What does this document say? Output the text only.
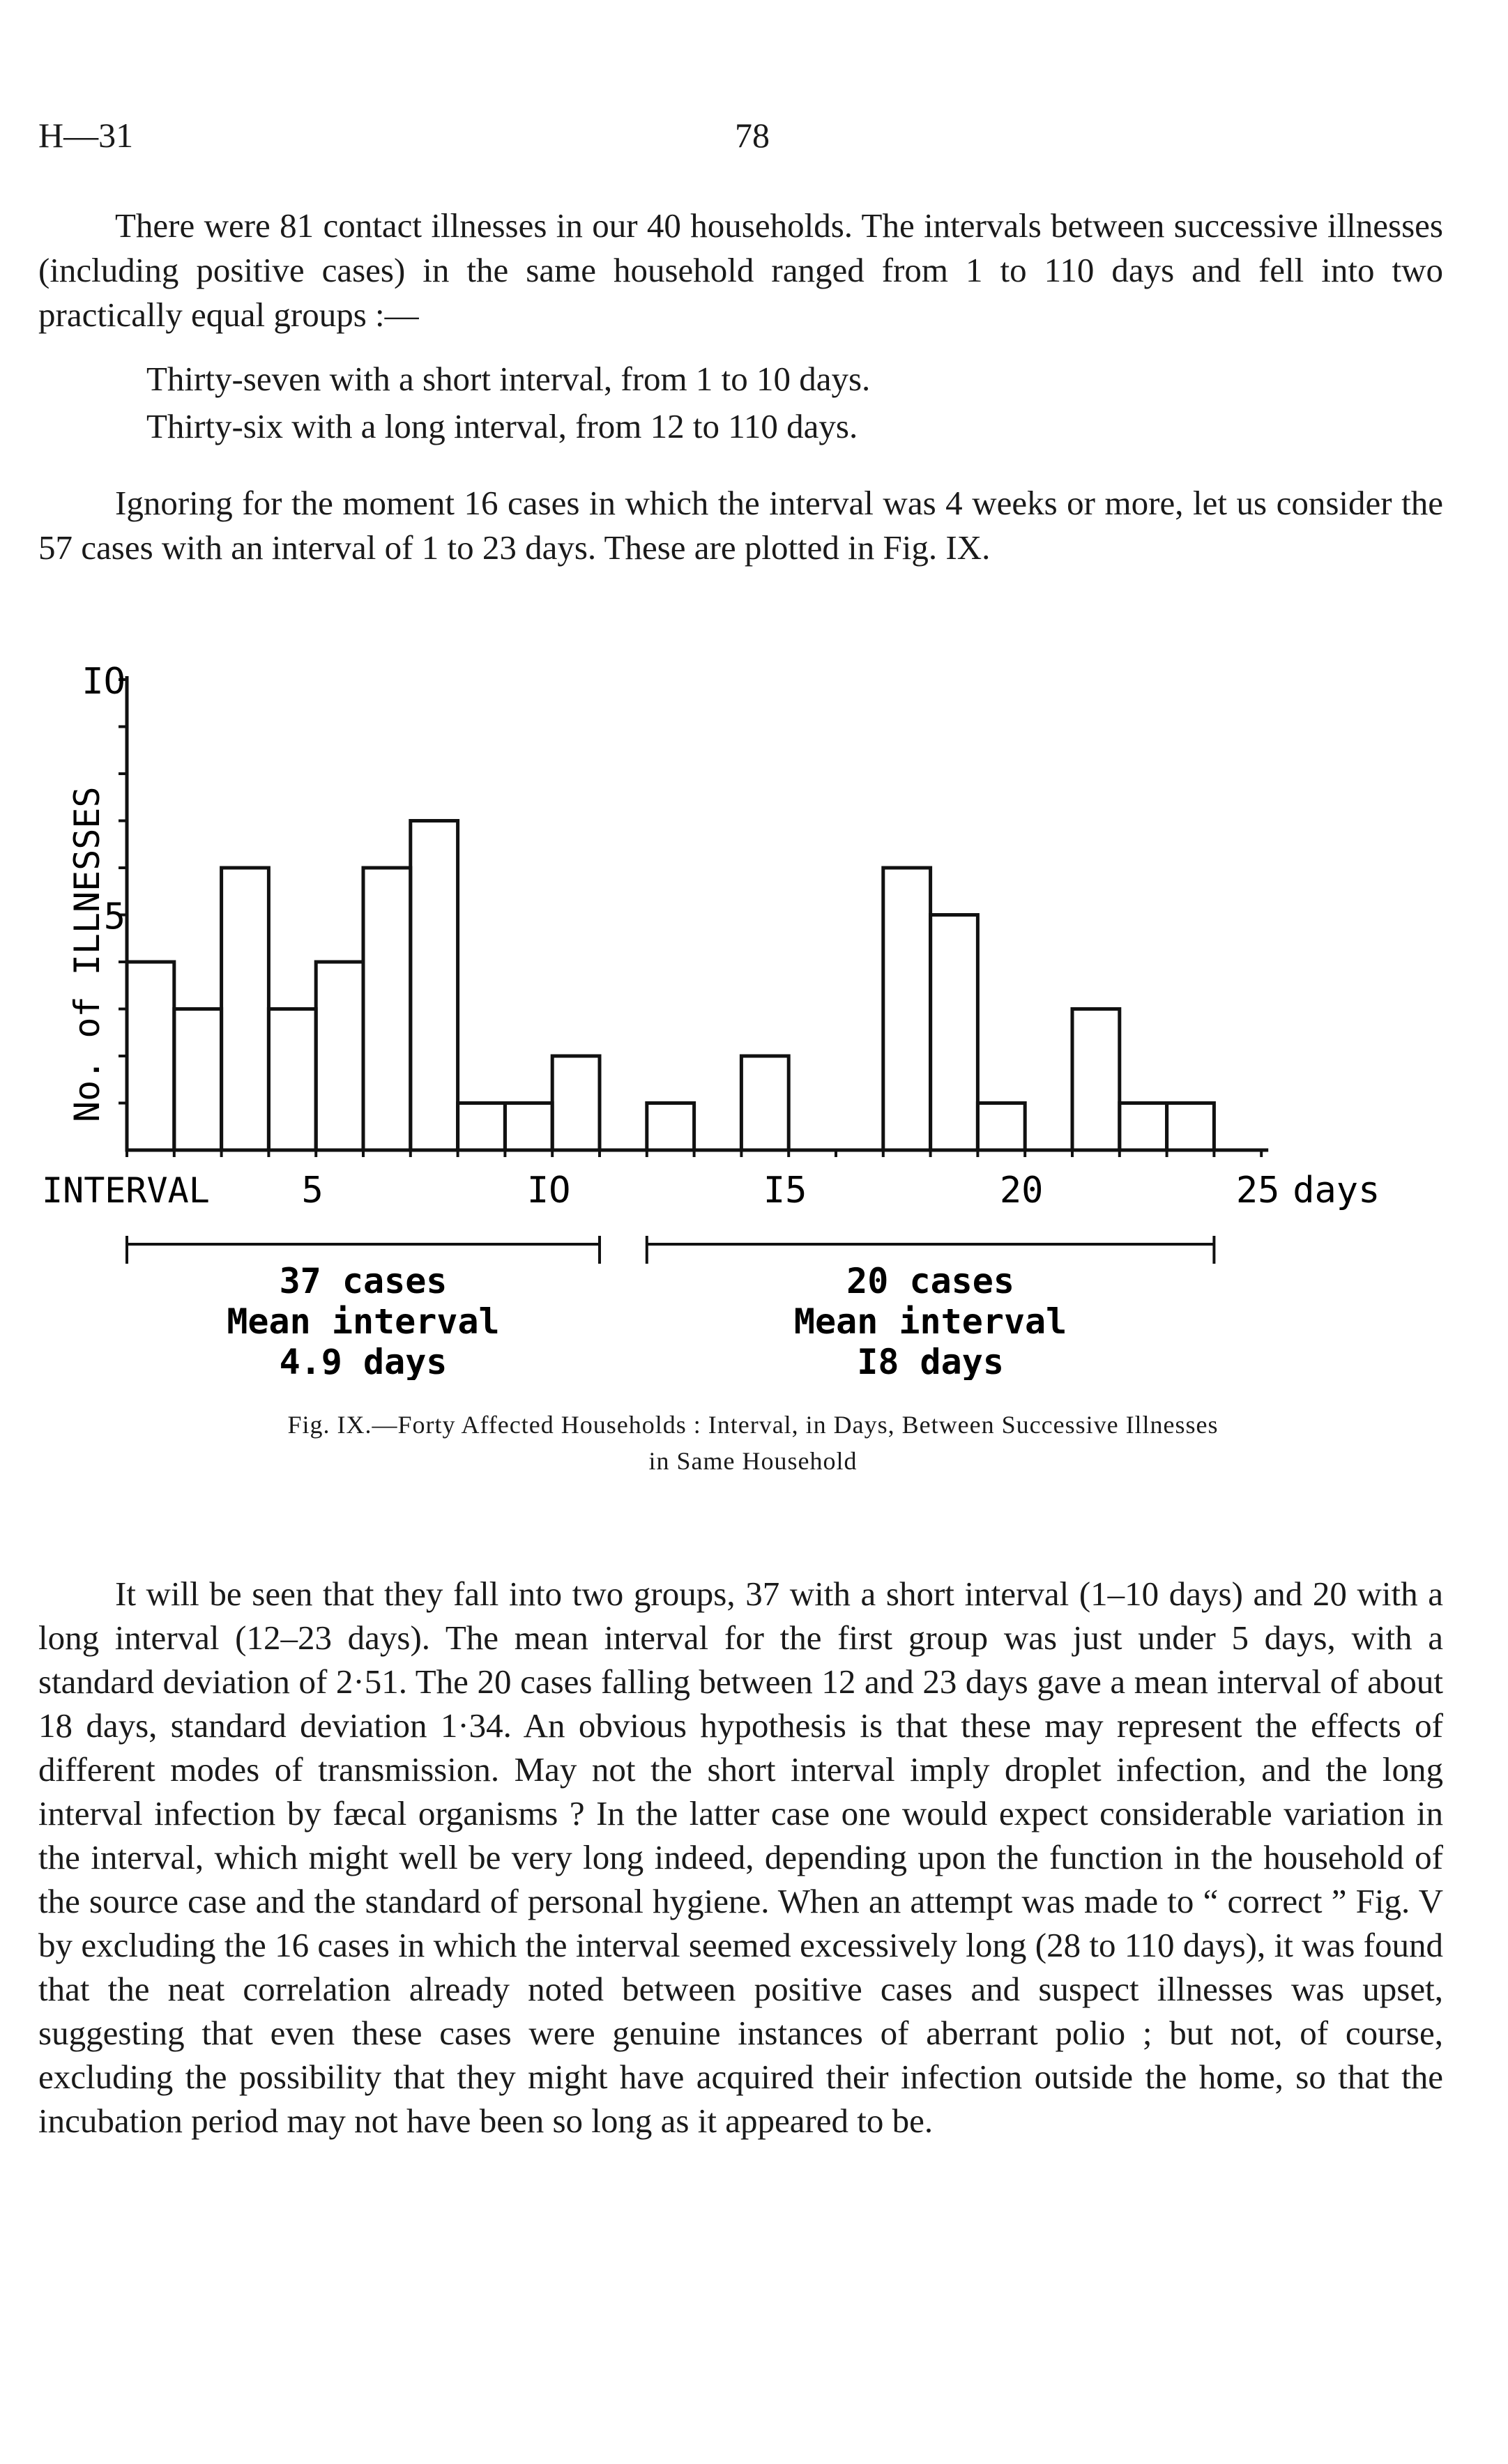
H—31	78

There were 81 contact illnesses in our 40 households. The intervals between successive illnesses (including positive cases) in the same household ranged from 1 to 110 days and fell into two practically equal groups :—

Thirty-seven with a short interval, from 1 to 10 days.
Thirty-six with a long interval, from 12 to 110 days.

Ignoring for the moment 16 cases in which the interval was 4 weeks or more, let us consider the 57 cases with an interval of 1 to 23 days. These are plotted in Fig. IX.

5
IO
No. of ILLNESSES
5	IO	I5	20	25
INTERVAL	days
37 cases
Mean interval
4.9 days
20 cases
Mean interval
I8 days
Fig. IX.—Forty Affected Households : Interval, in Days, Between Successive Illnesses
in Same Household

It will be seen that they fall into two groups, 37 with a short interval (1–10 days) and 20 with a long interval (12–23 days). The mean interval for the first group was just under 5 days, with a standard deviation of 2·51. The 20 cases falling between 12 and 23 days gave a mean interval of about 18 days, standard deviation 1·34. An obvious hypothesis is that these may represent the effects of different modes of transmission. May not the short interval imply droplet infection, and the long interval infection by fæcal organisms ? In the latter case one would expect considerable variation in the interval, which might well be very long indeed, depending upon the function in the household of the source case and the standard of personal hygiene. When an attempt was made to “ correct ” Fig. V by excluding the 16 cases in which the interval seemed excessively long (28 to 110 days), it was found that the neat correlation already noted between positive cases and suspect illnesses was upset, suggesting that even these cases were genuine instances of aberrant polio ; but not, of course, excluding the possibility that they might have acquired their infection outside the home, so that the incubation period may not have been so long as it appeared to be.
